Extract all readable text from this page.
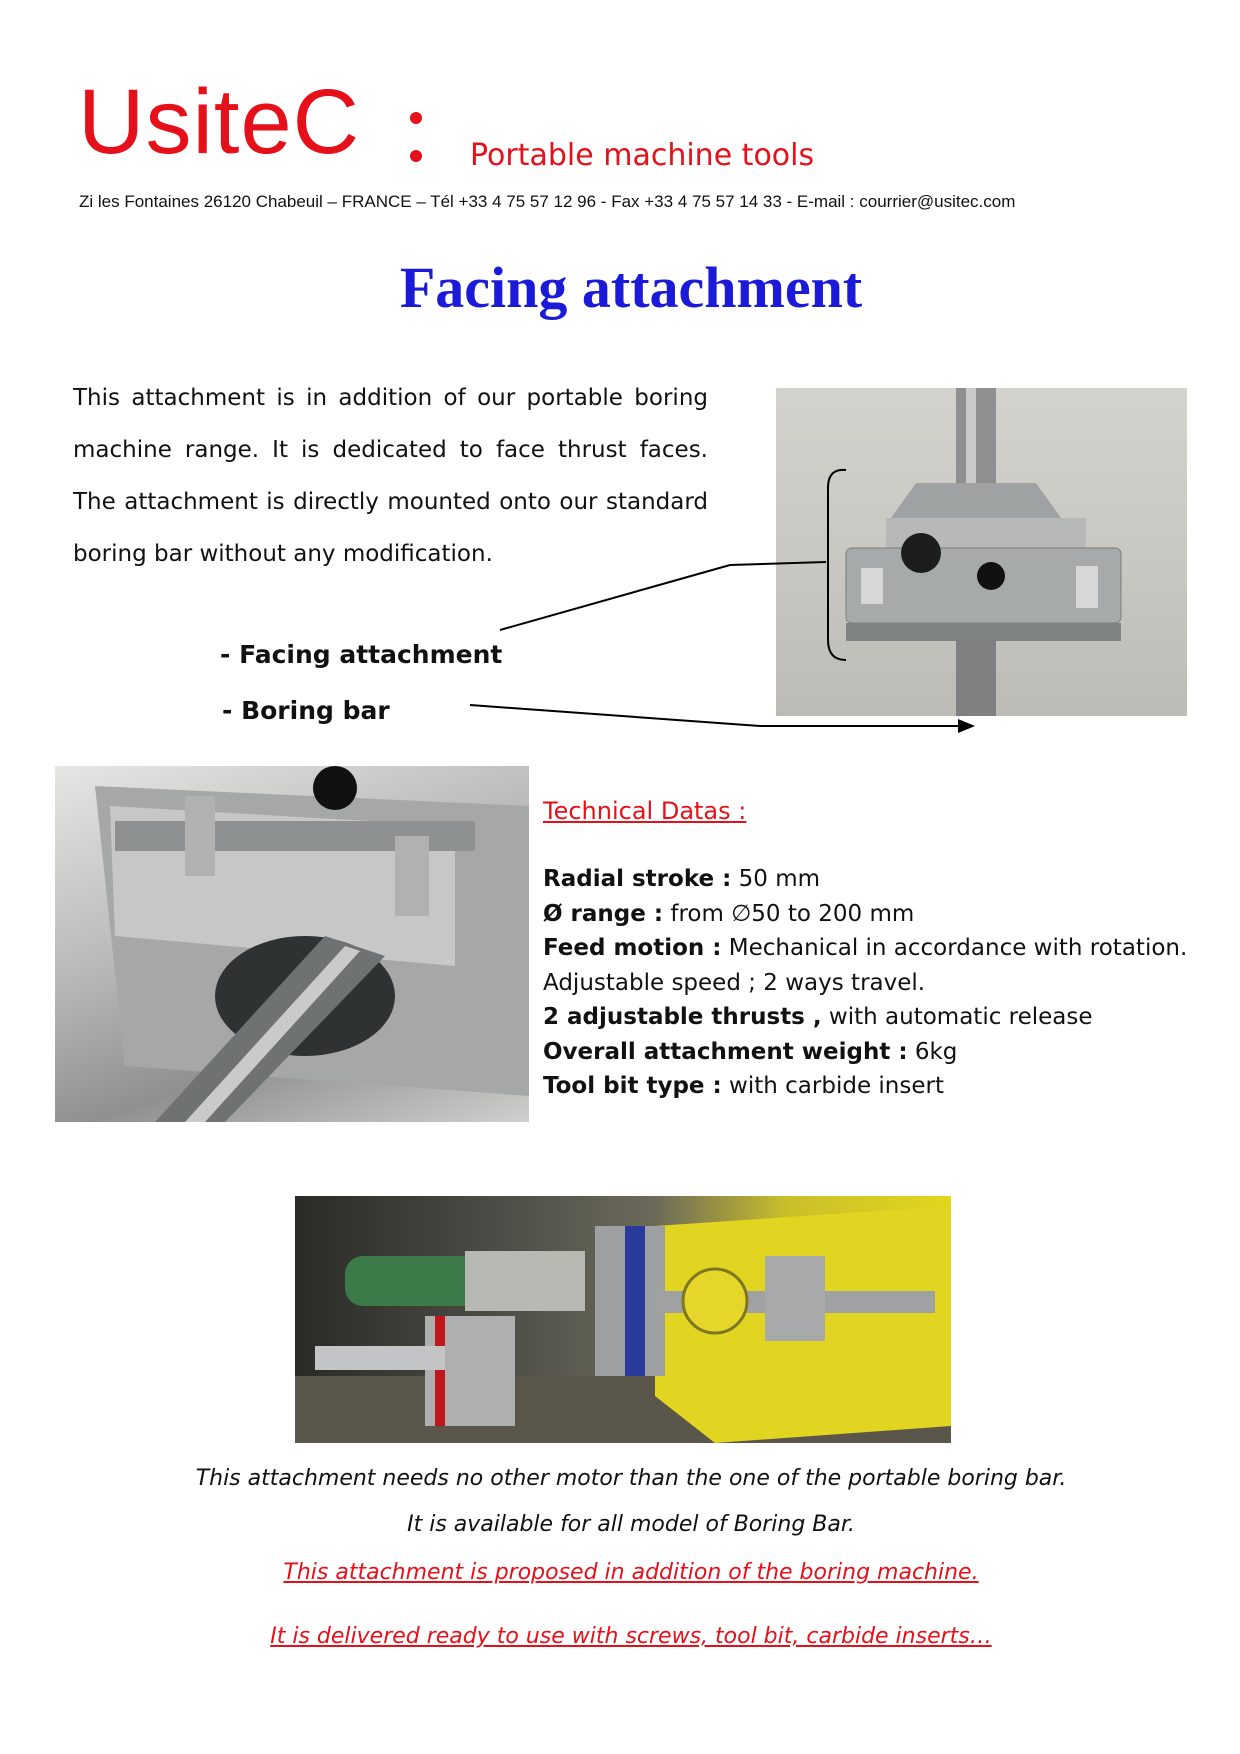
UsiteC	Portable machine tools
Zi les Fontaines 26120 Chabeuil – FRANCE – Tél +33 4 75 57 12 96 - Fax +33 4 75 57 14 33 - E-mail : courrier@usitec.com
Facing attachment
This attachment is in addition of our portable boring machine range. It is dedicated to face thrust faces. The attachment is directly mounted onto our standard boring bar without any modification.
- Facing attachment
- Boring bar
Technical Datas :
Radial stroke : 50 mm
Ø range : from ∅50 to 200 mm
Feed motion : Mechanical in accordance with rotation.
Adjustable speed ; 2 ways travel.
2 adjustable thrusts , with automatic release
Overall attachment weight : 6kg
Tool bit type : with carbide insert
This attachment needs no other motor than the one of the portable boring bar.
It is available for all model of Boring Bar.
This attachment is proposed in addition of the boring machine.
It is delivered ready to use with screws, tool bit, carbide inserts…
